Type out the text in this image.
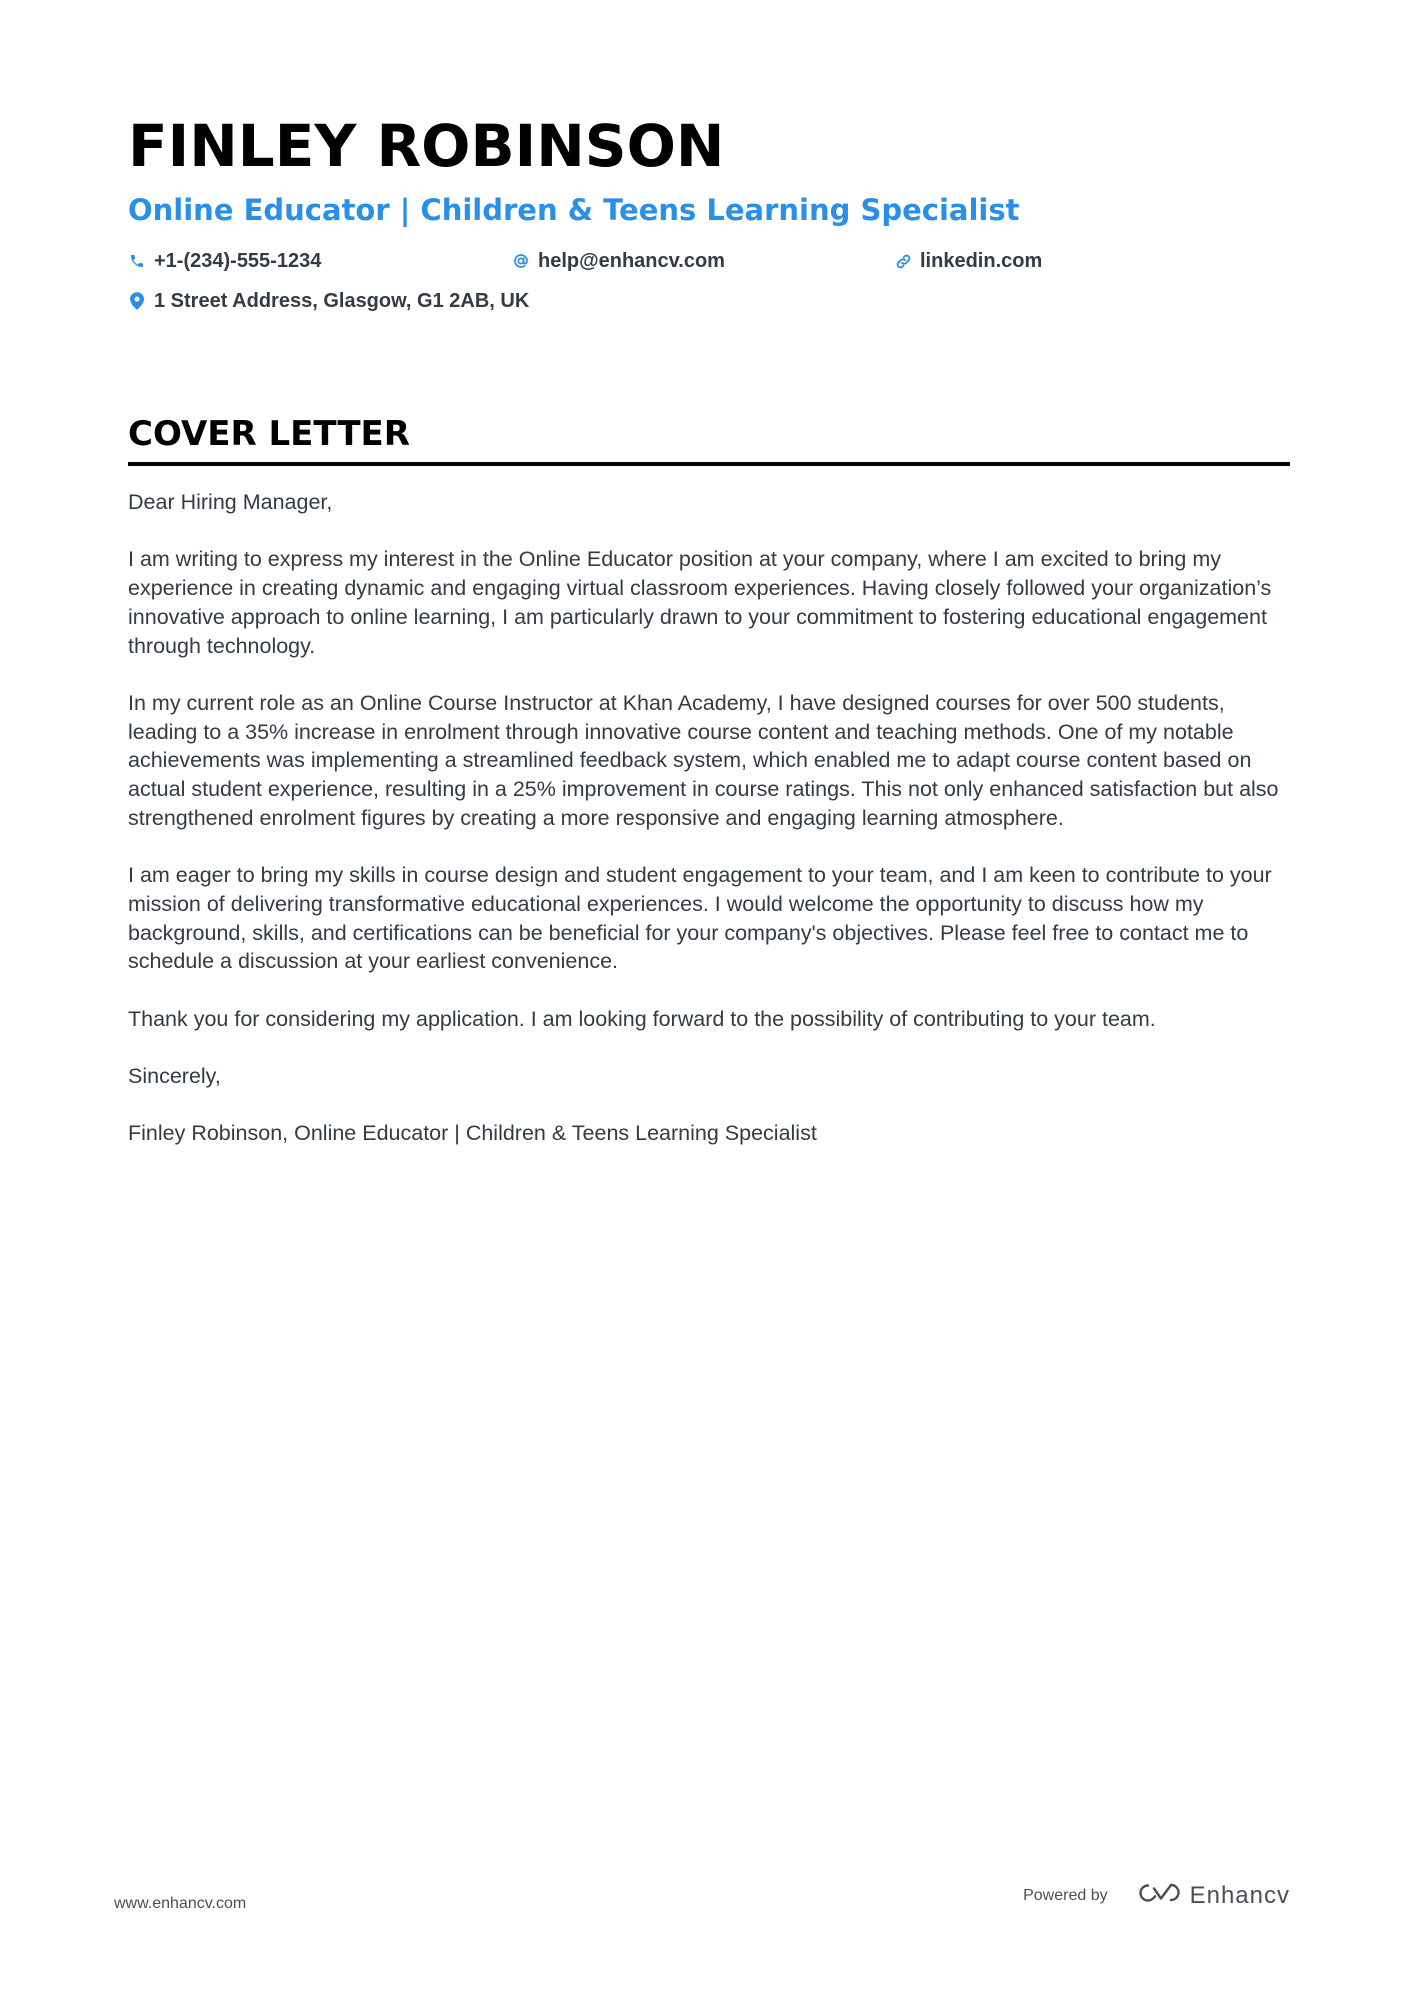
FINLEY ROBINSON
Online Educator | Children & Teens Learning Specialist
+1-(234)-555-1234	help@enhancv.com	linkedin.com
1 Street Address, Glasgow, G1 2AB, UK
COVER LETTER

Dear Hiring Manager,

I am writing to express my interest in the Online Educator position at your company, where I am excited to bring my experience in creating dynamic and engaging virtual classroom experiences. Having closely followed your organization’s innovative approach to online learning, I am particularly drawn to your commitment to fostering educational engagement through technology.

In my current role as an Online Course Instructor at Khan Academy, I have designed courses for over 500 students, leading to a 35% increase in enrolment through innovative course content and teaching methods. One of my notable achievements was implementing a streamlined feedback system, which enabled me to adapt course content based on actual student experience, resulting in a 25% improvement in course ratings. This not only enhanced satisfaction but also strengthened enrolment figures by creating a more responsive and engaging learning atmosphere.

I am eager to bring my skills in course design and student engagement to your team, and I am keen to contribute to your mission of delivering transformative educational experiences. I would welcome the opportunity to discuss how my background, skills, and certifications can be beneficial for your company's objectives. Please feel free to contact me to schedule a discussion at your earliest convenience.

Thank you for considering my application. I am looking forward to the possibility of contributing to your team.

Sincerely,

Finley Robinson, Online Educator | Children & Teens Learning Specialist

www.enhancv.com	Powered by	Enhancv
